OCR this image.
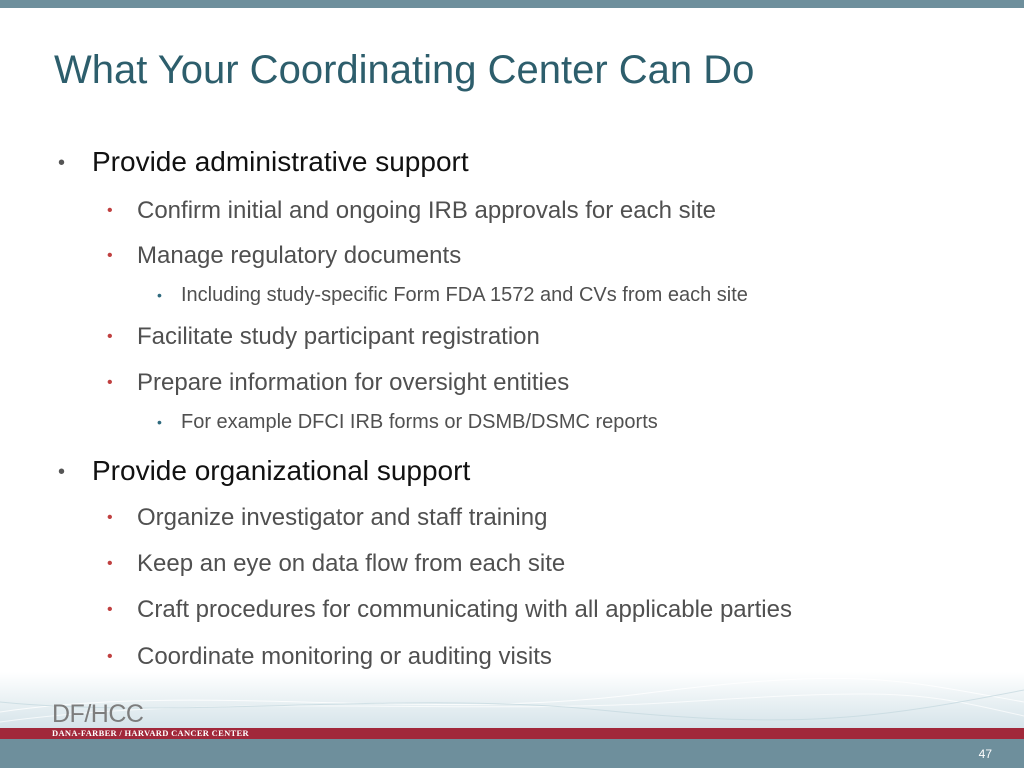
What Your Coordinating Center Can Do
• Provide administrative support
• Confirm initial and ongoing IRB approvals for each site
• Manage regulatory documents
• Including study-specific Form FDA 1572 and CVs from each site
• Facilitate study participant registration
• Prepare information for oversight entities
• For example DFCI IRB forms or DSMB/DSMC reports
• Provide organizational support
• Organize investigator and staff training
• Keep an eye on data flow from each site
• Craft procedures for communicating with all applicable parties
• Coordinate monitoring or auditing visits
DF/HCC
DANA-FARBER / HARVARD CANCER CENTER
47
